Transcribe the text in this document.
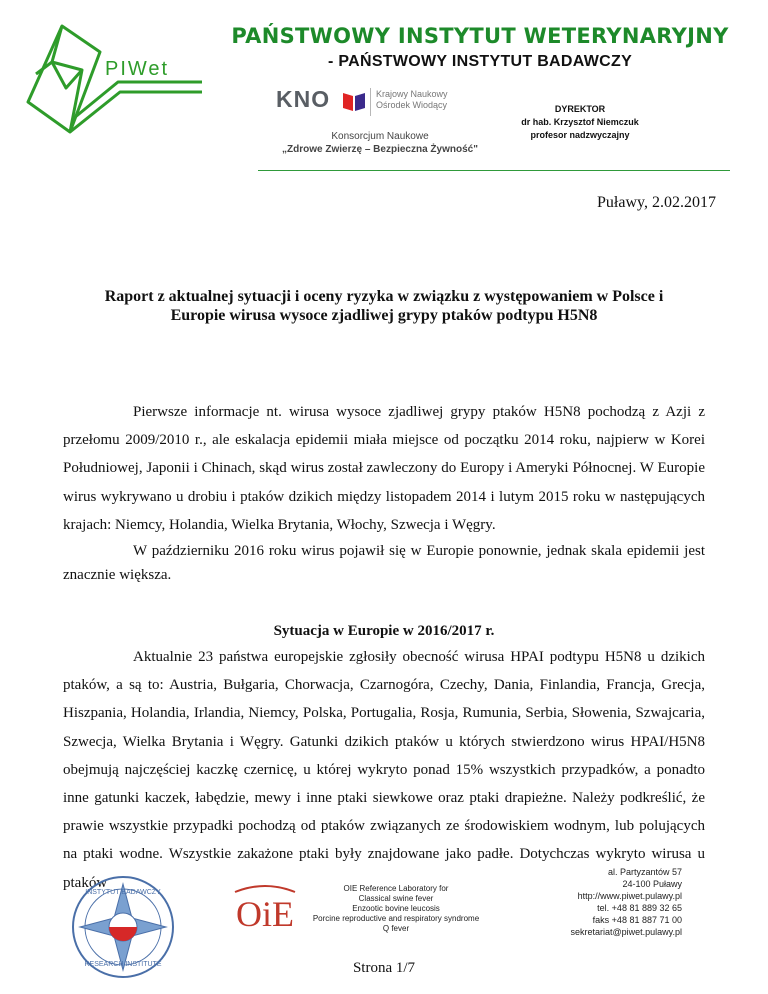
PIWet
PAŃSTWOWY INSTYTUT WETERYNARYJNY
- PAŃSTWOWY INSTYTUT BADAWCZY
KNO	Krajowy Naukowy
Ośrodek Wiodący
Konsorcjum Naukowe
„Zdrowe Zwierzę – Bezpieczna Żywność"
DYREKTOR
dr hab. Krzysztof Niemczuk
profesor nadzwyczajny
Puławy, 2.02.2017
Raport z aktualnej sytuacji i oceny ryzyka w związku z występowaniem w Polsce i
Europie wirusa wysoce zjadliwej grypy ptaków podtypu H5N8
Pierwsze informacje nt. wirusa wysoce zjadliwej grypy ptaków H5N8 pochodzą z Azji z przełomu 2009/2010 r., ale eskalacja epidemii miała miejsce od początku 2014 roku, najpierw w Korei Południowej, Japonii i Chinach, skąd wirus został zawleczony do Europy i Ameryki Północnej. W Europie wirus wykrywano u drobiu i ptaków dzikich między listopadem 2014 i lutym 2015 roku w następujących krajach: Niemcy, Holandia, Wielka Brytania, Włochy, Szwecja i Węgry.
W październiku 2016 roku wirus pojawił się w Europie ponownie, jednak skala epidemii jest znacznie większa.
Sytuacja w Europie w 2016/2017 r.
Aktualnie 23 państwa europejskie zgłosiły obecność wirusa HPAI podtypu H5N8 u dzikich ptaków, a są to: Austria, Bułgaria, Chorwacja, Czarnogóra, Czechy, Dania, Finlandia, Francja, Grecja, Hiszpania, Holandia, Irlandia, Niemcy, Polska, Portugalia, Rosja, Rumunia, Serbia, Słowenia, Szwajcaria, Szwecja, Wielka Brytania i Węgry. Gatunki dzikich ptaków u których stwierdzono wirus HPAI/H5N8 obejmują najczęściej kaczkę czernicę, u której wykryto ponad 15% wszystkich przypadków, a ponadto inne gatunki kaczek, łabędzie, mewy i inne ptaki siewkowe oraz ptaki drapieżne. Należy podkreślić, że prawie wszystkie przypadki pochodzą od ptaków związanych ze środowiskiem wodnym, lub polujących na ptaki wodne. Wszystkie zakażone ptaki były znajdowane jako padłe. Dotychczas wykryto wirusa u ptaków
INSTYTUT BADAWCZY
RESEARCH INSTITUTE
OiE
OIE Reference Laboratory for
Classical swine fever
Enzootic bovine leucosis
Porcine reproductive and respiratory syndrome
Q fever
al. Partyzantów 57
24-100 Puławy
http://www.piwet.pulawy.pl
tel. +48 81 889 32 65
faks +48 81 887 71 00
sekretariat@piwet.pulawy.pl
Strona 1/7
